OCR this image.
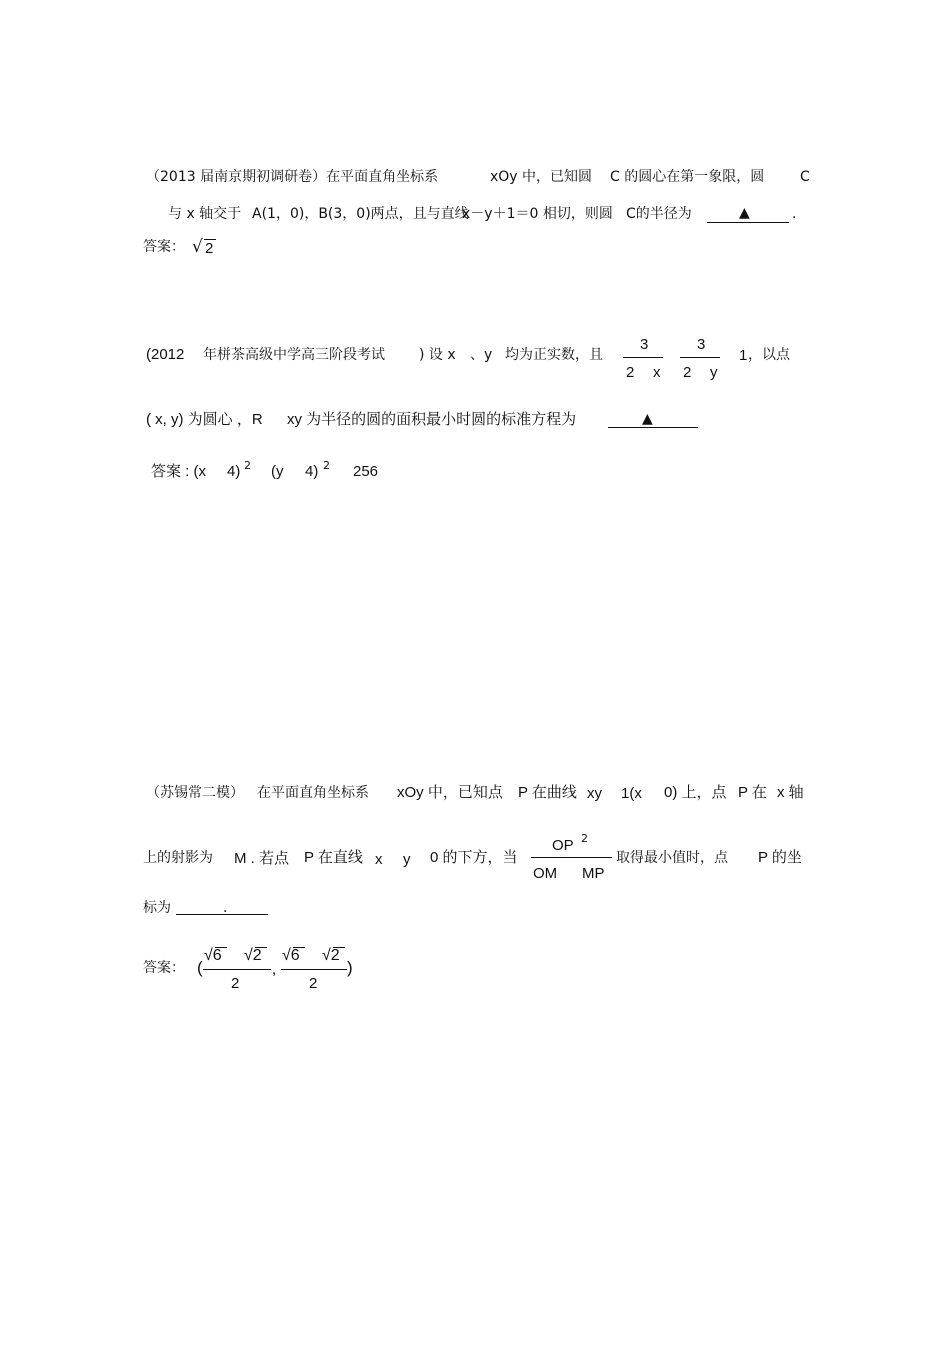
（2013 届南京期初调研卷）在平面直角坐标系	xOy 中，已知圆 C 的圆心在第一象限，圆	C
与 x 轴交于 A(1，0)，B(3，0)两点，且与直线
x－y＋1＝0 相切，则圆 C的半径为	▲	.
答案： √ 2
(2012 年栟茶高级中学高三阶段考试 ) 设 x 、y 均为正实数，且
3
2 x
3
2 y
1 ，以点
( x, y) 为圆心 ，R xy 为半径的圆的面积最小时圆的标准方程为	▲
答案 : (x 4) 2 (y 4) 2 256
（苏锡常二模） 在平面直角坐标系 xOy 中，已知点 P 在曲线 xy 1(x 0) 上，点 P 在 x 轴
上的射影为 M . 若点 P 在直线 x y 0 的下方，当
OP 2
OM MP
取得最小值时，点 P 的坐
标为	.
答案： (
√6 √2
2
,
√6 √2
2
)
